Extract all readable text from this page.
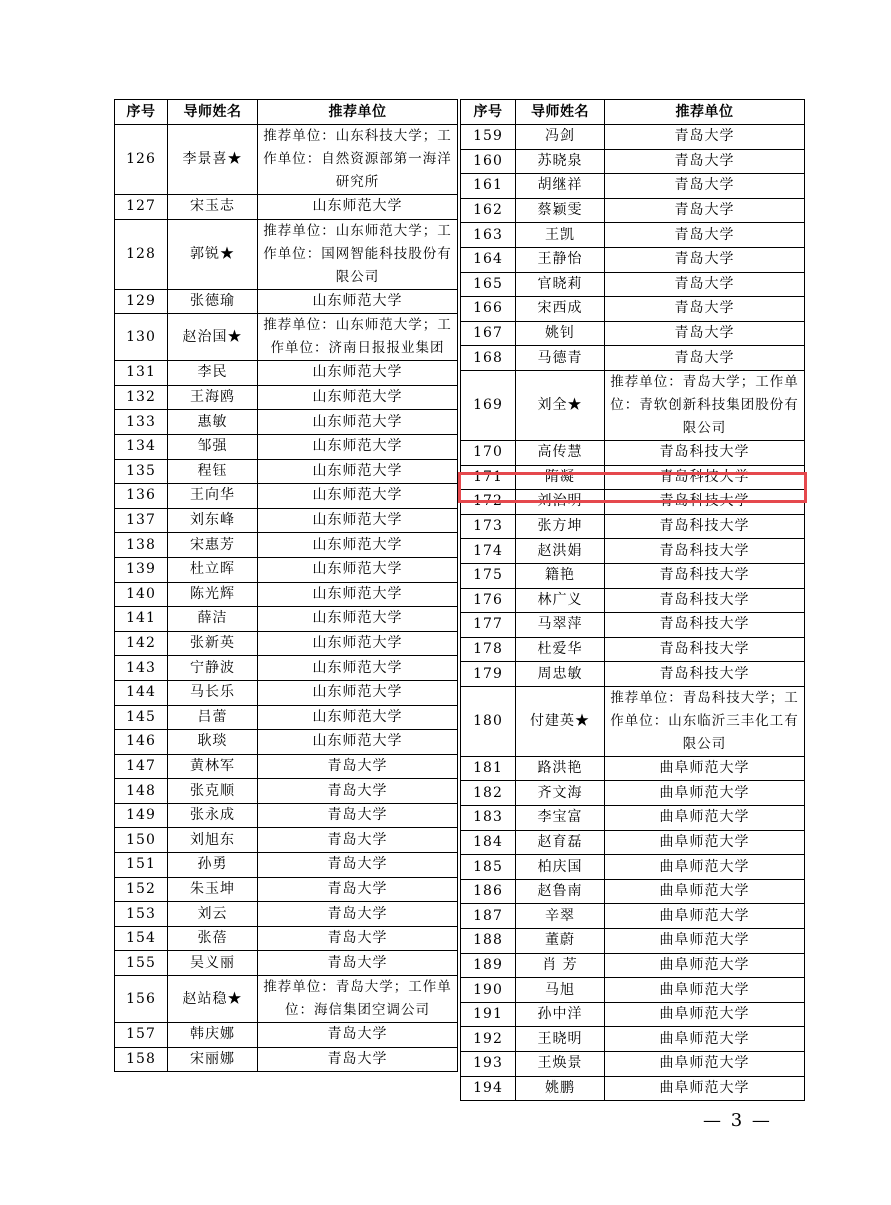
序号	导师姓名	推荐单位
126	李景喜★	推荐单位：山东科技大学；工作单位：自然资源部第一海洋研究所

127	宋玉志	山东师范大学
128	郭锐★	推荐单位：山东师范大学；工作单位：国网智能科技股份有限公司

129	张德瑜	山东师范大学
130	赵治国★	推荐单位：山东师范大学；工作单位：济南日报报业集团

131	李民	山东师范大学
132	王海鸥	山东师范大学
133	惠敏	山东师范大学
134	邹强	山东师范大学
135	程钰	山东师范大学
136	王向华	山东师范大学
137	刘东峰	山东师范大学
138	宋惠芳	山东师范大学
139	杜立晖	山东师范大学
140	陈光辉	山东师范大学
141	薛洁	山东师范大学
142	张新英	山东师范大学
143	宁静波	山东师范大学
144	马长乐	山东师范大学
145	吕蕾	山东师范大学
146	耿琰	山东师范大学
147	黄林军	青岛大学
148	张克顺	青岛大学
149	张永成	青岛大学
150	刘旭东	青岛大学
151	孙勇	青岛大学
152	朱玉坤	青岛大学
153	刘云	青岛大学
154	张蓓	青岛大学
155	吴义丽	青岛大学
156	赵站稳★	推荐单位：青岛大学；工作单位：海信集团空调公司

157	韩庆娜	青岛大学
158	宋丽娜	青岛大学
序号	导师姓名	推荐单位
159	冯剑	青岛大学
160	苏晓泉	青岛大学
161	胡继祥	青岛大学
162	蔡颖雯	青岛大学
163	王凯	青岛大学
164	王静怡	青岛大学
165	官晓莉	青岛大学
166	宋西成	青岛大学
167	姚钊	青岛大学
168	马德青	青岛大学
169	刘全★	推荐单位：青岛大学；工作单位：青软创新科技集团股份有限公司

170	高传慧	青岛科技大学
171	隋凝	青岛科技大学
172	刘治明	青岛科技大学
173	张方坤	青岛科技大学
174	赵洪娟	青岛科技大学
175	籍艳	青岛科技大学
176	林广义	青岛科技大学
177	马翠萍	青岛科技大学
178	杜爱华	青岛科技大学
179	周忠敏	青岛科技大学
180	付建英★	推荐单位：青岛科技大学；工作单位：山东临沂三丰化工有限公司

181	路洪艳	曲阜师范大学
182	齐文海	曲阜师范大学
183	李宝富	曲阜师范大学
184	赵育磊	曲阜师范大学
185	柏庆国	曲阜师范大学
186	赵鲁南	曲阜师范大学
187	辛翠	曲阜师范大学
188	董蔚	曲阜师范大学
189	肖 芳	曲阜师范大学
190	马旭	曲阜师范大学
191	孙中洋	曲阜师范大学
192	王晓明	曲阜师范大学
193	王焕景	曲阜师范大学
194	姚鹏	曲阜师范大学
— 3 —
